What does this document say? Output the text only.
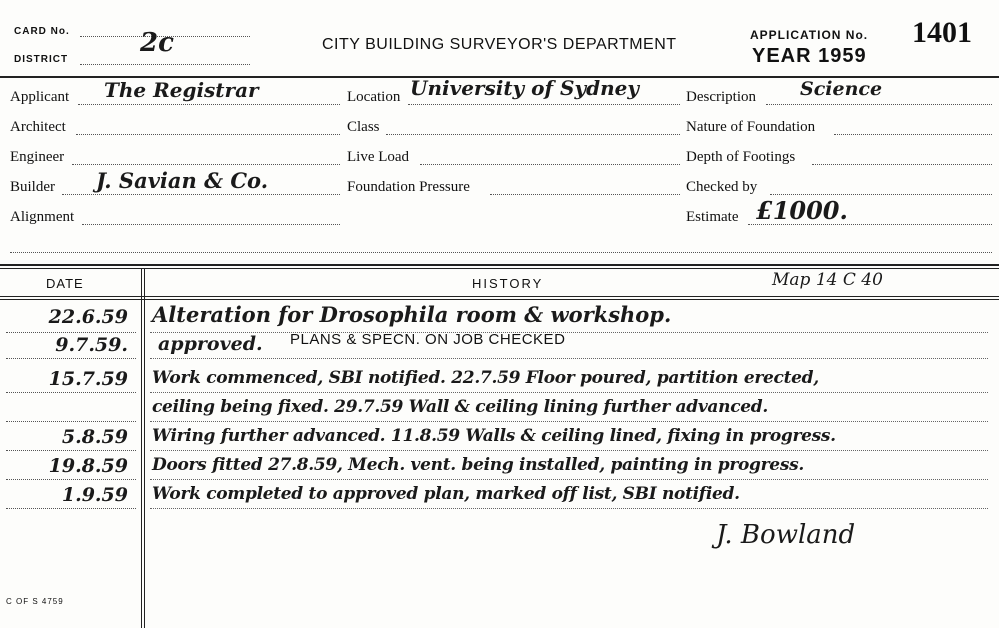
CARD No.
DISTRICT
2c	CITY BUILDING SURVEYOR'S DEPARTMENT
APPLICATION No. 1401
YEAR 1959
Applicant The Registrar
Architect
Engineer
Builder J. Savian & Co.
Alignment
Location University of Sydney
Class
Live Load
Foundation Pressure
Description Science
Nature of Foundation
Depth of Footings
Checked by
Estimate £1000.
DATE	HISTORY	Map 14 C 40
22.6.59 Alteration for Drosophila room & workshop.
9.7.59. approved. PLANS & SPECN. ON JOB CHECKED
15.7.59 Work commenced, SBI notified. 22.7.59 Floor poured, partition erected,
ceiling being fixed. 29.7.59 Wall & ceiling lining further advanced.
5.8.59 Wiring further advanced. 11.8.59 Walls & ceiling lined, fixing in progress.
19.8.59 Doors fitted 27.8.59, Mech. vent. being installed, painting in progress.
1.9.59 Work completed to approved plan, marked off list, SBI notified.
J. Bowland
C OF S 4759
